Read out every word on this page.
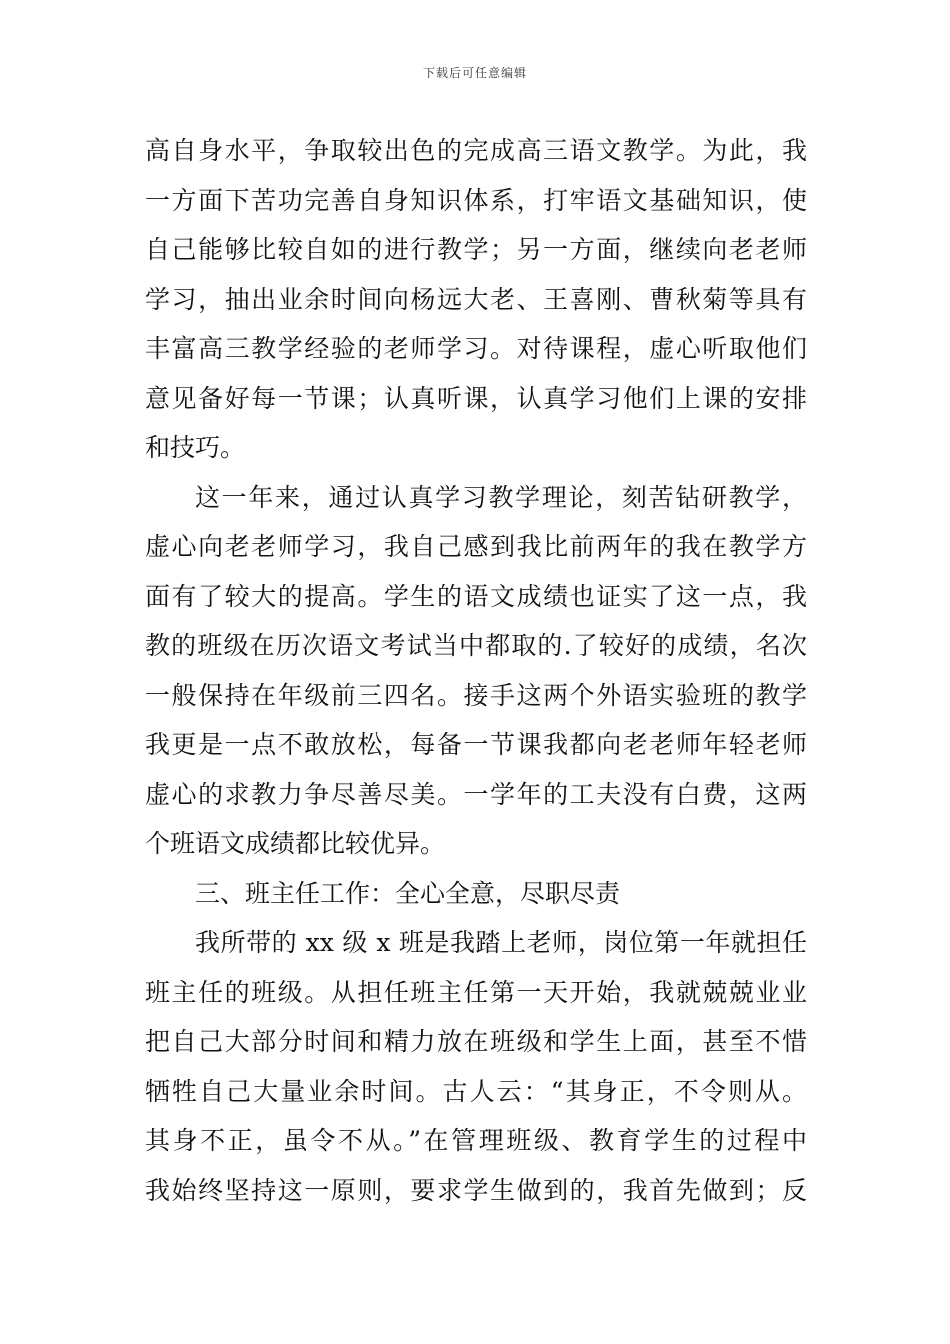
下载后可任意编辑
高自身水平，争取较出色的完成高三语文教学。为此，我
一方面下苦功完善自身知识体系，打牢语文基础知识，使
自己能够比较自如的进行教学；另一方面，继续向老老师
学习，抽出业余时间向杨远大老、王喜刚、曹秋菊等具有
丰富高三教学经验的老师学习。对待课程，虚心听取他们
意见备好每一节课；认真听课，认真学习他们上课的安排
和技巧。
这一年来，通过认真学习教学理论，刻苦钻研教学，
虚心向老老师学习，我自己感到我比前两年的我在教学方
面有了较大的提高。学生的语文成绩也证实了这一点，我
教的班级在历次语文考试当中都取的.了较好的成绩，名次
一般保持在年级前三四名。接手这两个外语实验班的教学
我更是一点不敢放松，每备一节课我都向老老师年轻老师
虚心的求教力争尽善尽美。一学年的工夫没有白费，这两
个班语文成绩都比较优异。
三、班主任工作：全心全意，尽职尽责
我所带的 xx 级 x 班是我踏上老师，岗位第一年就担任
班主任的班级。从担任班主任第一天开始，我就兢兢业业
把自己大部分时间和精力放在班级和学生上面，甚至不惜
牺牲自己大量业余时间。古人云：“其身正，不令则从。
其身不正，虽令不从。”在管理班级、教育学生的过程中
我始终坚持这一原则，要求学生做到的，我首先做到；反
